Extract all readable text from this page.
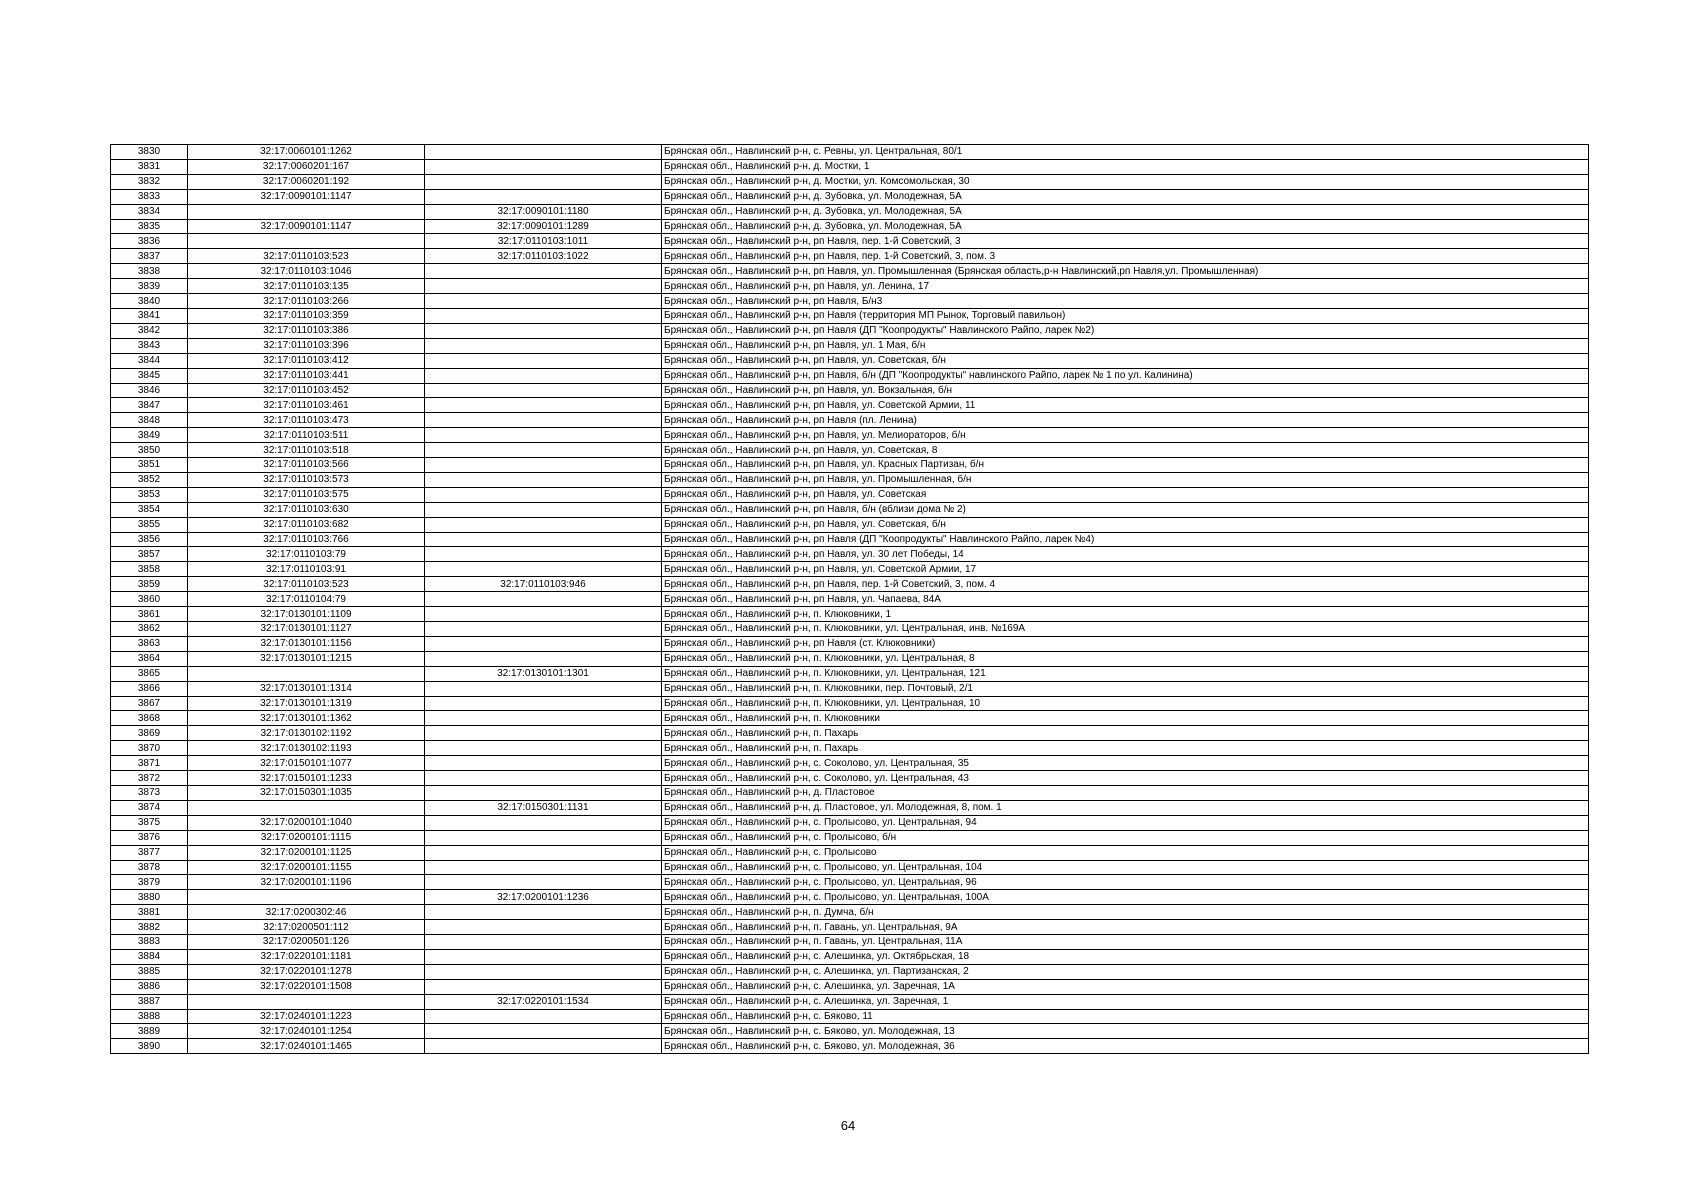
3830	32:17:0060101:1262		Брянская обл., Навлинский р-н, с. Ревны, ул. Центральная, 80/1
3831	32:17:0060201:167		Брянская обл., Навлинский р-н, д. Мостки, 1
3832	32:17:0060201:192		Брянская обл., Навлинский р-н, д. Мостки, ул. Комсомольская, 30
3833	32:17:0090101:1147		Брянская обл., Навлинский р-н, д. Зубовка, ул. Молодежная, 5А
3834		32:17:0090101:1180	Брянская обл., Навлинский р-н, д. Зубовка, ул. Молодежная, 5А
3835	32:17:0090101:1147	32:17:0090101:1289	Брянская обл., Навлинский р-н, д. Зубовка, ул. Молодежная, 5А
3836		32:17:0110103:1011	Брянская обл., Навлинский р-н, рп Навля, пер. 1-й Советский, 3
3837	32:17:0110103:523	32:17:0110103:1022	Брянская обл., Навлинский р-н, рп Навля, пер. 1-й Советский, 3, пом. 3
3838	32:17:0110103:1046		Брянская обл., Навлинский р-н, рп Навля, ул. Промышленная (Брянская область,р-н Навлинский,рп Навля,ул. Промышленная)
3839	32:17:0110103:135		Брянская обл., Навлинский р-н, рп Навля, ул. Ленина, 17
3840	32:17:0110103:266		Брянская обл., Навлинский р-н, рп Навля, Б/н3
3841	32:17:0110103:359		Брянская обл., Навлинский р-н, рп Навля (территория МП Рынок, Торговый павильон)
3842	32:17:0110103:386		Брянская обл., Навлинский р-н, рп Навля (ДП "Коопродукты" Навлинского Райпо, ларек №2)
3843	32:17:0110103:396		Брянская обл., Навлинский р-н, рп Навля, ул. 1 Мая, б/н
3844	32:17:0110103:412		Брянская обл., Навлинский р-н, рп Навля, ул. Советская, б/н
3845	32:17:0110103:441		Брянская обл., Навлинский р-н, рп Навля, б/н (ДП "Коопродукты" навлинского Райпо, ларек № 1 по ул. Калинина)
3846	32:17:0110103:452		Брянская обл., Навлинский р-н, рп Навля, ул. Вокзальная, б/н
3847	32:17:0110103:461		Брянская обл., Навлинский р-н, рп Навля, ул. Советской Армии, 11
3848	32:17:0110103:473		Брянская обл., Навлинский р-н, рп Навля (пл. Ленина)
3849	32:17:0110103:511		Брянская обл., Навлинский р-н, рп Навля, ул. Мелиораторов, б/н
3850	32:17:0110103:518		Брянская обл., Навлинский р-н, рп Навля, ул. Советская, 8
3851	32:17:0110103:566		Брянская обл., Навлинский р-н, рп Навля, ул. Красных Партизан, б/н
3852	32:17:0110103:573		Брянская обл., Навлинский р-н, рп Навля, ул. Промышленная, б/н
3853	32:17:0110103:575		Брянская обл., Навлинский р-н, рп Навля, ул. Советская
3854	32:17:0110103:630		Брянская обл., Навлинский р-н, рп Навля, б/н (вблизи дома № 2)
3855	32:17:0110103:682		Брянская обл., Навлинский р-н, рп Навля, ул. Советская, б/н
3856	32:17:0110103:766		Брянская обл., Навлинский р-н, рп Навля (ДП "Коопродукты" Навлинского Райпо, ларек №4)
3857	32:17:0110103:79		Брянская обл., Навлинский р-н, рп Навля, ул. 30 лет Победы, 14
3858	32:17:0110103:91		Брянская обл., Навлинский р-н, рп Навля, ул. Советской Армии, 17
3859	32:17:0110103:523	32:17:0110103:946	Брянская обл., Навлинский р-н, рп Навля, пер. 1-й Советский, 3, пом. 4
3860	32:17:0110104:79		Брянская обл., Навлинский р-н, рп Навля, ул. Чапаева, 84А
3861	32:17:0130101:1109		Брянская обл., Навлинский р-н, п. Клюковники, 1
3862	32:17:0130101:1127		Брянская обл., Навлинский р-н, п. Клюковники, ул. Центральная, инв. №169А
3863	32:17:0130101:1156		Брянская обл., Навлинский р-н, рп Навля (ст. Клюковники)
3864	32:17:0130101:1215		Брянская обл., Навлинский р-н, п. Клюковники, ул. Центральная, 8
3865		32:17:0130101:1301	Брянская обл., Навлинский р-н, п. Клюковники, ул. Центральная, 121
3866	32:17:0130101:1314		Брянская обл., Навлинский р-н, п. Клюковники, пер. Почтовый, 2/1
3867	32:17:0130101:1319		Брянская обл., Навлинский р-н, п. Клюковники, ул. Центральная, 10
3868	32:17:0130101:1362		Брянская обл., Навлинский р-н, п. Клюковники
3869	32:17:0130102:1192		Брянская обл., Навлинский р-н, п. Пахарь
3870	32:17:0130102:1193		Брянская обл., Навлинский р-н, п. Пахарь
3871	32:17:0150101:1077		Брянская обл., Навлинский р-н, с. Соколово, ул. Центральная, 35
3872	32:17:0150101:1233		Брянская обл., Навлинский р-н, с. Соколово, ул. Центральная, 43
3873	32:17:0150301:1035		Брянская обл., Навлинский р-н, д. Пластовое
3874		32:17:0150301:1131	Брянская обл., Навлинский р-н, д. Пластовое, ул. Молодежная, 8, пом. 1
3875	32:17:0200101:1040		Брянская обл., Навлинский р-н, с. Пролысово, ул. Центральная, 94
3876	32:17:0200101:1115		Брянская обл., Навлинский р-н, с. Пролысово, б/н
3877	32:17:0200101:1125		Брянская обл., Навлинский р-н, с. Пролысово
3878	32:17:0200101:1155		Брянская обл., Навлинский р-н, с. Пролысово, ул. Центральная, 104
3879	32:17:0200101:1196		Брянская обл., Навлинский р-н, с. Пролысово, ул. Центральная, 96
3880		32:17:0200101:1236	Брянская обл., Навлинский р-н, с. Пролысово, ул. Центральная, 100А
3881	32:17:0200302:46		Брянская обл., Навлинский р-н, п. Думча, б/н
3882	32:17:0200501:112		Брянская обл., Навлинский р-н, п. Гавань, ул. Центральная, 9А
3883	32:17:0200501:126		Брянская обл., Навлинский р-н, п. Гавань, ул. Центральная, 11А
3884	32:17:0220101:1181		Брянская обл., Навлинский р-н, с. Алешинка, ул. Октябрьская, 18
3885	32:17:0220101:1278		Брянская обл., Навлинский р-н, с. Алешинка, ул. Партизанская, 2
3886	32:17:0220101:1508		Брянская обл., Навлинский р-н, с. Алешинка, ул. Заречная, 1А
3887		32:17:0220101:1534	Брянская обл., Навлинский р-н, с. Алешинка, ул. Заречная, 1
3888	32:17:0240101:1223		Брянская обл., Навлинский р-н, с. Бяково, 11
3889	32:17:0240101:1254		Брянская обл., Навлинский р-н, с. Бяково, ул. Молодежная, 13
3890	32:17:0240101:1465		Брянская обл., Навлинский р-н, с. Бяково, ул. Молодежная, 36
64
